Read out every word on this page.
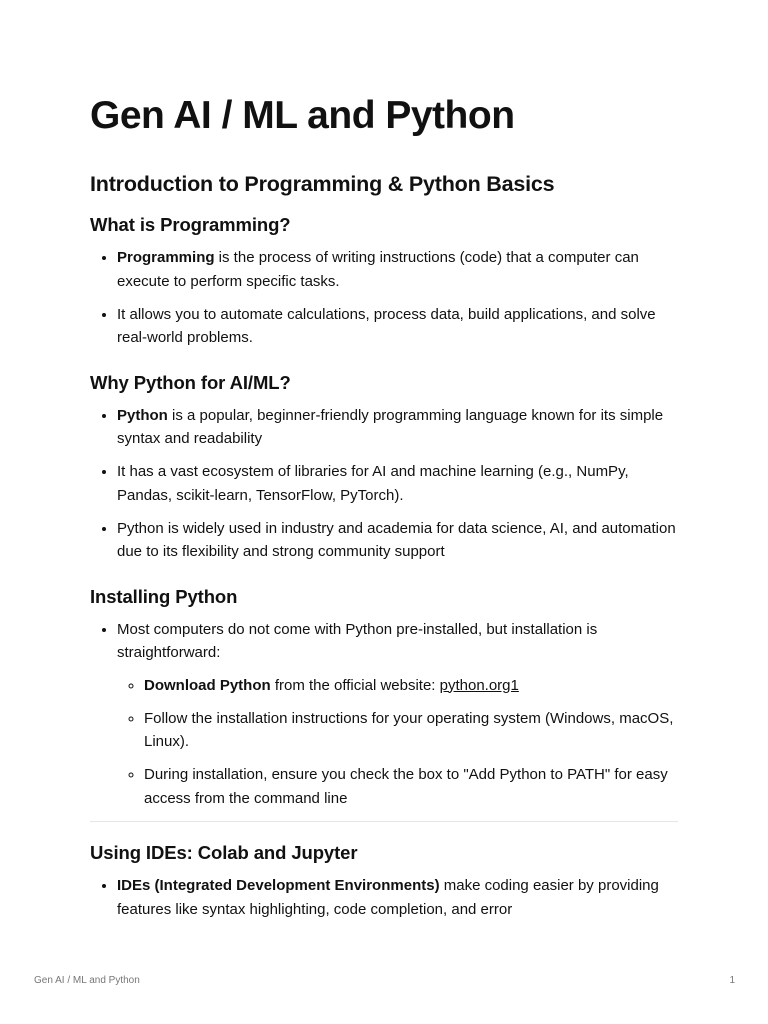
Gen AI / ML and Python
Introduction to Programming & Python Basics
What is Programming?
• Programming is the process of writing instructions (code) that a computer can execute to perform specific tasks.
• It allows you to automate calculations, process data, build applications, and solve real-world problems.
Why Python for AI/ML?
• Python is a popular, beginner-friendly programming language known for its simple syntax and readability
• It has a vast ecosystem of libraries for AI and machine learning (e.g., NumPy, Pandas, scikit-learn, TensorFlow, PyTorch).
• Python is widely used in industry and academia for data science, AI, and automation due to its flexibility and strong community support
Installing Python
• Most computers do not come with Python pre-installed, but installation is straightforward:
◦ Download Python from the official website: python.org1
◦ Follow the installation instructions for your operating system (Windows, macOS, Linux).
◦ During installation, ensure you check the box to "Add Python to PATH" for easy access from the command line
Using IDEs: Colab and Jupyter
• IDEs (Integrated Development Environments) make coding easier by providing features like syntax highlighting, code completion, and error
Gen AI / ML and Python	1
